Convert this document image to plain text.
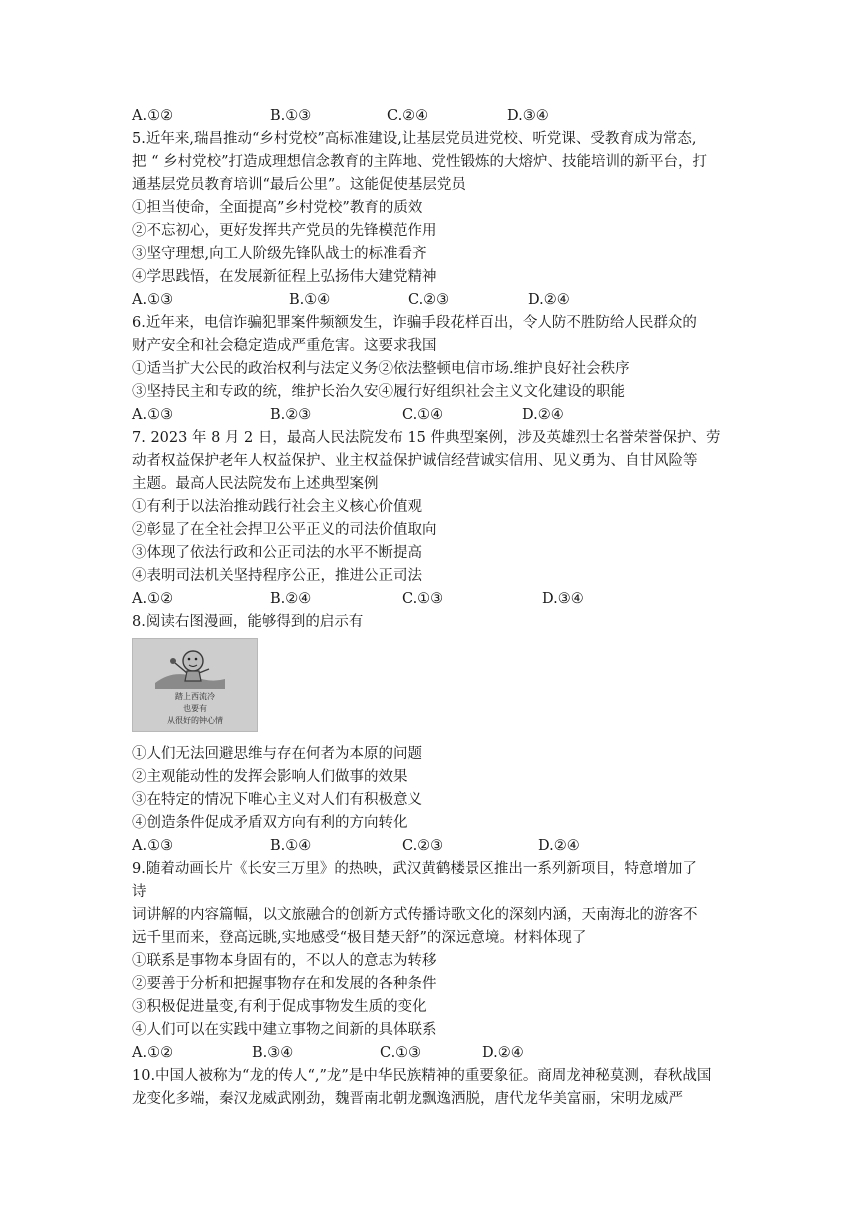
A.①②	B.①③	C.②④	D.③④
5.近年来,瑞昌推动“乡村党校”高标准建设,让基层党员进党校、听党课、受教育成为常态,
把 “ 乡村党校”打造成理想信念教育的主阵地、党性锻炼的大熔炉、技能培训的新平台，打
通基层党员教育培训“最后公里”。这能促使基层党员
①担当使命，全面提高”乡村党校”教育的质效
②不忘初心，更好发挥共产党员的先锋模范作用
③坚守理想,向工人阶级先锋队战士的标准看齐
④学思践悟，在发展新征程上弘扬伟大建党精神
A.①③	B.①④	C.②③	D.②④
6.近年来，电信诈骗犯罪案件频额发生，诈骗手段花样百出，令人防不胜防给人民群众的
财产安全和社会稳定造成严重危害。这要求我国
①适当扩大公民的政治权利与法定义务②依法整顿电信市场.维护良好社会秩序
③坚持民主和专政的统，维护长治久安④履行好组织社会主义文化建设的职能
A.①③	B.②③	C.①④	D.②④
7. 2023 年 8 月 2 日，最高人民法院发布 15 件典型案例，涉及英雄烈士名誉荣誉保护、劳
动者权益保护老年人权益保护、业主权益保护诚信经营诚实信用、见义勇为、自甘风险等
主题。最高人民法院发布上述典型案例
①有利于以法治推动践行社会主义核心价值观
②彰显了在全社会捍卫公平正义的司法价值取向
③体现了依法行政和公正司法的水平不断提高
④表明司法机关坚持程序公正，推进公正司法
A.①②	B.②④	C.①③	D.③④
8.阅读右图漫画，能够得到的启示有
踏上西流冷
也要有
从很好的钟心情
①人们无法回避思维与存在何者为本原的问题
②主观能动性的发挥会影响人们做事的效果
③在特定的情况下唯心主义对人们有积极意义
④创造条件促成矛盾双方向有利的方向转化
A.①③	B.①④	C.②③	D.②④
9.随着动画长片《长安三万里》的热映，武汉黄鹤楼景区推出一系列新项目，特意增加了
诗
词讲解的内容篇幅，以文旅融合的创新方式传播诗歌文化的深刻内涵，天南海北的游客不
远千里而来，登高远眺,实地感受“极目楚天舒”的深远意境。材料体现了
①联系是事物本身固有的，不以人的意志为转移
②要善于分析和把握事物存在和发展的各种条件
③积极促进量变,有利于促成事物发生质的变化
④人们可以在实践中建立事物之间新的具体联系
A.①②	B.③④	C.①③	D.②④
10.中国人被称为“龙的传人“,”龙”是中华民族精神的重要象征。商周龙神秘莫测，春秋战国
龙变化多端，秦汉龙威武刚劲，魏晋南北朝龙飘逸洒脱，唐代龙华美富丽，宋明龙威严
